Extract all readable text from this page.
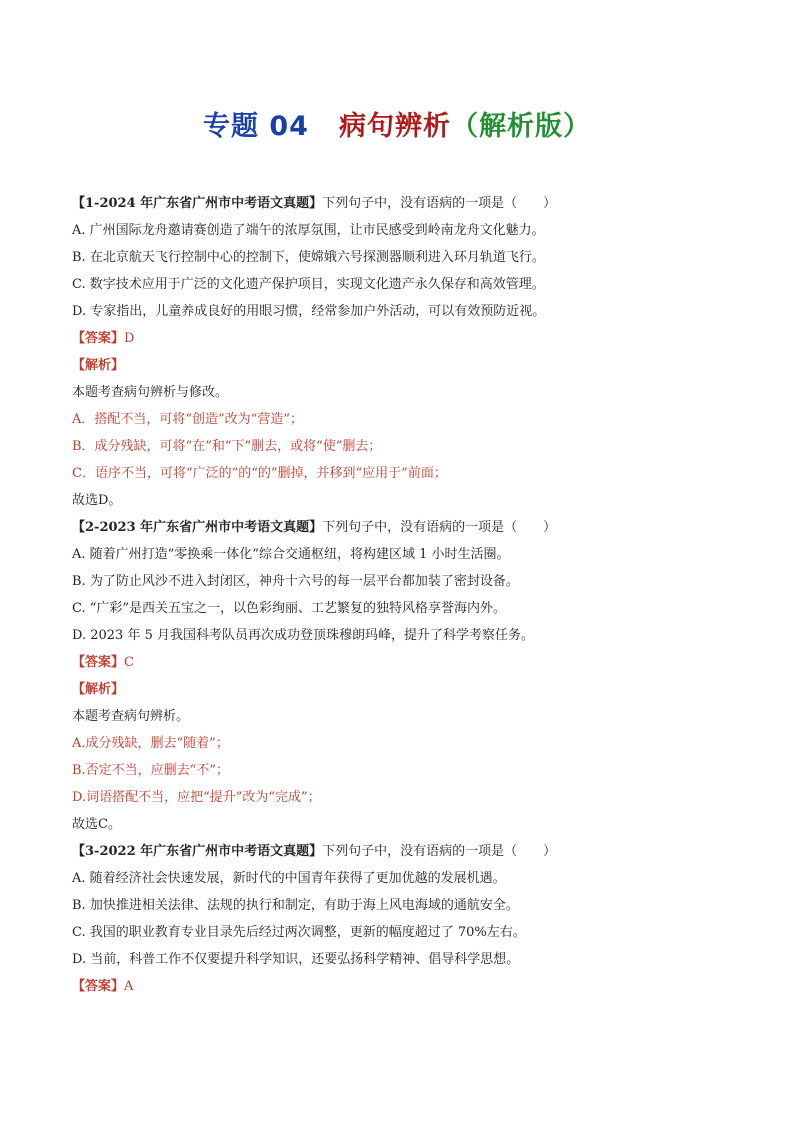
专题 04 病句辨析（解析版）
【1-2024 年广东省广州市中考语文真题】下列句子中，没有语病的一项是（　　）
A. 广州国际龙舟邀请赛创造了端午的浓厚氛围，让市民感受到岭南龙舟文化魅力。
B. 在北京航天飞行控制中心的控制下，使嫦娥六号探测器顺利进入环月轨道飞行。
C. 数字技术应用于广泛的文化遗产保护项目，实现文化遗产永久保存和高效管理。
D. 专家指出，儿童养成良好的用眼习惯，经常参加户外活动，可以有效预防近视。
【答案】D
【解析】
本题考查病句辨析与修改。
A．搭配不当，可将“创造”改为“营造”；
B．成分残缺，可将“在”和“下”删去，或将“使”删去；
C．语序不当，可将“广泛的”的“的”删掉，并移到“应用于”前面；
故选D。
【2-2023 年广东省广州市中考语文真题】下列句子中，没有语病的一项是（　　）
A. 随着广州打造“零换乘一体化”综合交通枢纽，将构建区域 1 小时生活圈。
B. 为了防止风沙不进入封闭区，神舟十六号的每一层平台都加装了密封设备。
C. “广彩”是西关五宝之一，以色彩绚丽、工艺繁复的独特风格享誉海内外。
D. 2023 年 5 月我国科考队员再次成功登顶珠穆朗玛峰，提升了科学考察任务。
【答案】C
【解析】
本题考查病句辨析。
A.成分残缺，删去“随着”；
B.否定不当，应删去“不”；
D.词语搭配不当，应把“提升”改为“完成”；
故选C。
【3-2022 年广东省广州市中考语文真题】下列句子中，没有语病的一项是（　　）
A. 随着经济社会快速发展，新时代的中国青年获得了更加优越的发展机遇。
B. 加快推进相关法律、法规的执行和制定，有助于海上风电海域的通航安全。
C. 我国的职业教育专业目录先后经过两次调整，更新的幅度超过了 70%左右。
D. 当前，科普工作不仅要提升科学知识，还要弘扬科学精神、倡导科学思想。
【答案】A
